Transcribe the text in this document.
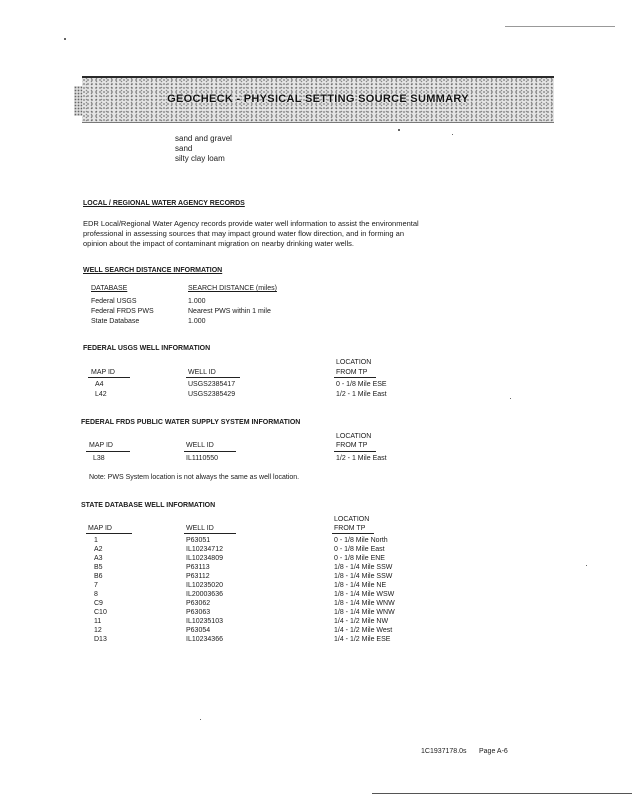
GEOCHECK - PHYSICAL SETTING SOURCE SUMMARY
sand and gravel
sand
silty clay loam
LOCAL / REGIONAL WATER AGENCY RECORDS
EDR Local/Regional Water Agency records provide water well information to assist the environmental
professional in assessing sources that may impact ground water flow direction, and in forming an
opinion about the impact of contaminant migration on nearby drinking water wells.
WELL SEARCH DISTANCE INFORMATION
DATABASE	SEARCH DISTANCE (miles)
Federal USGS	1.000
Federal FRDS PWS	Nearest PWS within 1 mile
State Database	1.000
FEDERAL USGS WELL INFORMATION
LOCATION
MAP ID	WELL ID	FROM TP
A4	USGS2385417	0 - 1/8 Mile ESE
L42	USGS2385429	1/2 - 1 Mile East
FEDERAL FRDS PUBLIC WATER SUPPLY SYSTEM INFORMATION
LOCATION
MAP ID	WELL ID	FROM TP
L38	IL1110550	1/2 - 1 Mile East
Note: PWS System location is not always the same as well location.
STATE DATABASE WELL INFORMATION
LOCATION
MAP ID	WELL ID	FROM TP
1	P63051	0 - 1/8 Mile North
A2	IL10234712	0 - 1/8 Mile East
A3	IL10234809	0 - 1/8 Mile ENE
B5	P63113	1/8 - 1/4 Mile SSW
B6	P63112	1/8 - 1/4 Mile SSW
7	IL10235020	1/8 - 1/4 Mile NE
8	IL20003636	1/8 - 1/4 Mile WSW
C9	P63062	1/8 - 1/4 Mile WNW
C10	P63063	1/8 - 1/4 Mile WNW
11	IL10235103	1/4 - 1/2 Mile NW
12	P63054	1/4 - 1/2 Mile West
D13	IL10234366	1/4 - 1/2 Mile ESE
1C1937178.0s Page A-6
